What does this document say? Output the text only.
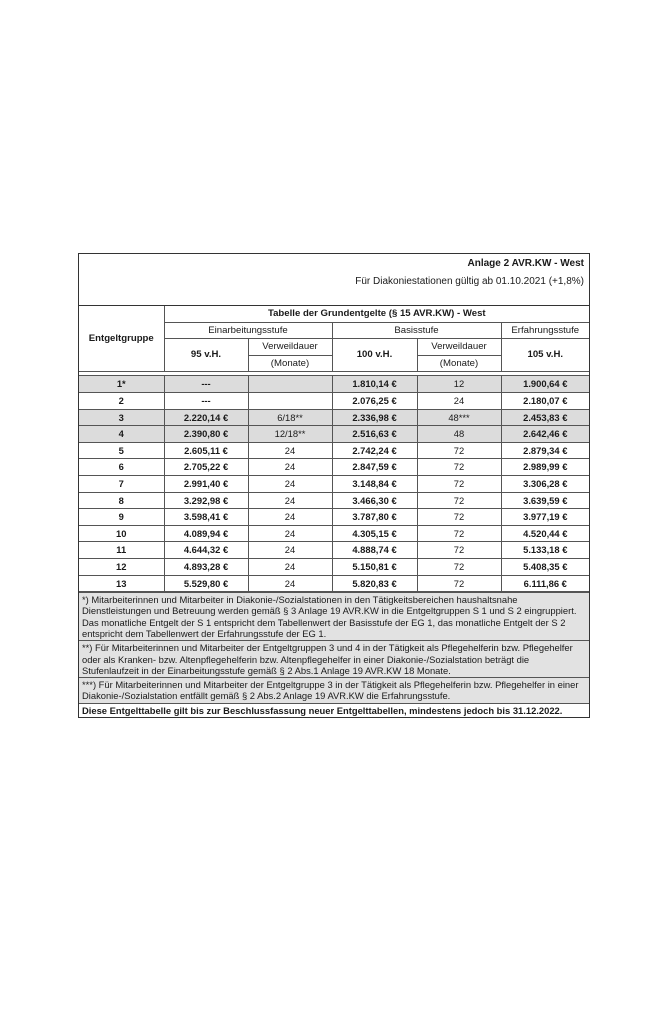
Anlage 2 AVR.KW - West
Für Diakoniestationen gültig ab 01.10.2021 (+1,8%)
Entgeltgruppe	Tabelle der Grundentgelte (§ 15 AVR.KW) - West				
	Einarbeitungsstufe		Basisstufe		Erfahrungsstufe
	95 v.H.	Verweildauer	100 v.H.	Verweildauer	105 v.H.
		(Monate)		(Monate)	

1*	---		1.810,14 €	12	1.900,64 €
2	---		2.076,25 €	24	2.180,07 €
3	2.220,14 €	6/18**	2.336,98 €	48***	2.453,83 €
4	2.390,80 €	12/18**	2.516,63 €	48	2.642,46 €
5	2.605,11 €	24	2.742,24 €	72	2.879,34 €
6	2.705,22 €	24	2.847,59 €	72	2.989,99 €
7	2.991,40 €	24	3.148,84 €	72	3.306,28 €
8	3.292,98 €	24	3.466,30 €	72	3.639,59 €
9	3.598,41 €	24	3.787,80 €	72	3.977,19 €
10	4.089,94 €	24	4.305,15 €	72	4.520,44 €
11	4.644,32 €	24	4.888,74 €	72	5.133,18 €
12	4.893,28 €	24	5.150,81 €	72	5.408,35 €
13	5.529,80 €	24	5.820,83 €	72	6.111,86 €
*) Mitarbeiterinnen und Mitarbeiter in Diakonie-/Sozialstationen in den Tätigkeitsbereichen haushaltsnahe Dienstleistungen und Betreuung werden gemäß § 3 Anlage 19 AVR.KW in die Entgeltgruppen S 1 und S 2 eingruppiert. Das monatliche Entgelt der S 1 entspricht dem Tabellenwert der Basisstufe der EG 1, das monatliche Entgelt der S 2 entspricht dem Tabellenwert der Erfahrungsstufe der EG 1.
**) Für Mitarbeiterinnen und Mitarbeiter der Entgeltgruppen 3 und 4 in der Tätigkeit als Pflegehelferin bzw. Pflegehelfer oder als Kranken- bzw. Altenpflegehelferin bzw. Altenpflegehelfer in einer Diakonie-/Sozialstation beträgt die Stufenlaufzeit in der Einarbeitungsstufe gemäß § 2 Abs.1 Anlage 19 AVR.KW 18 Monate.
***) Für Mitarbeiterinnen und Mitarbeiter der Entgeltgruppe 3 in der Tätigkeit als Pflegehelferin bzw. Pflegehelfer in einer Diakonie-/Sozialstation entfällt gemäß § 2 Abs.2 Anlage 19 AVR.KW die Erfahrungsstufe.
Diese Entgelttabelle gilt bis zur Beschlussfassung neuer Entgelttabellen, mindestens jedoch bis 31.12.2022.
